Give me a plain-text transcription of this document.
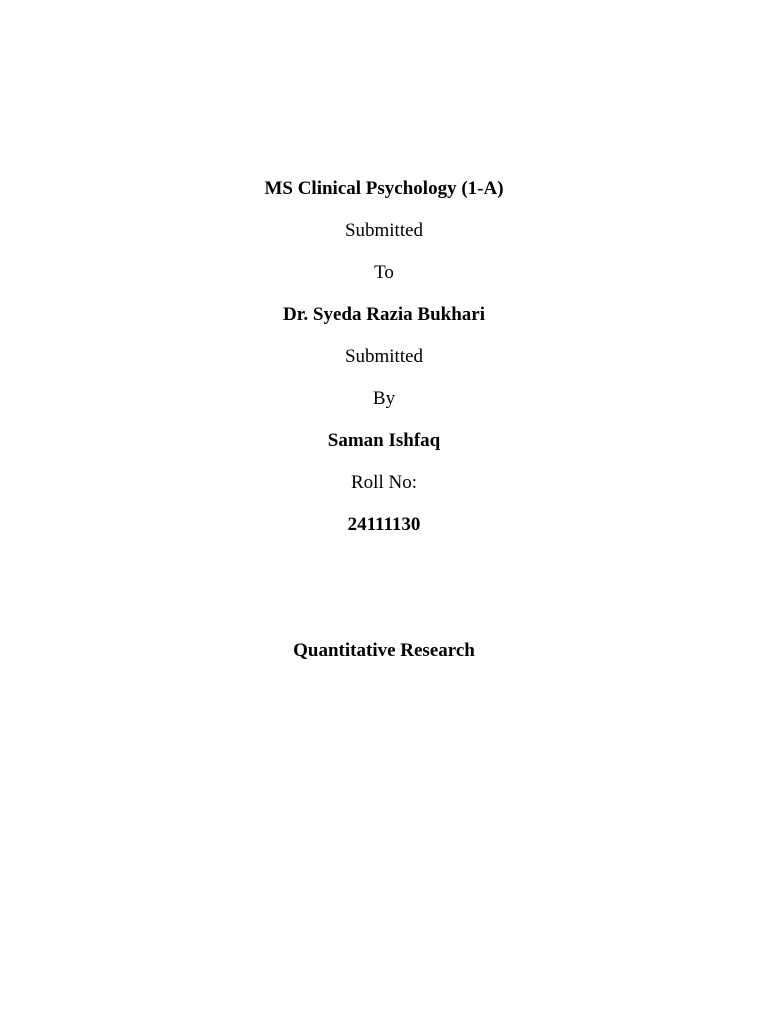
MS Clinical Psychology (1-A)
Submitted
To
Dr. Syeda Razia Bukhari
Submitted
By
Saman Ishfaq
Roll No:
24111130
Quantitative Research
